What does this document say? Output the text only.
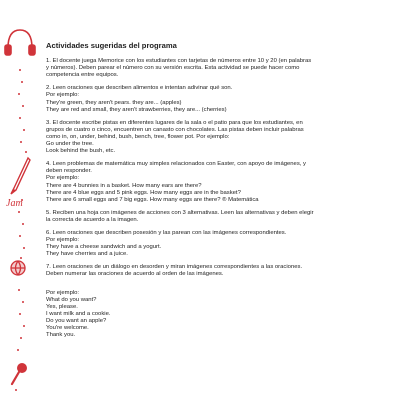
Jam
Actividades sugeridas del programa
1. El docente juega Memorice con los estudiantes con tarjetas de números entre 10 y 20 (en palabras
y números). Deben parear el número con su versión escrita. Esta actividad se puede hacer como
competencia entre equipos.
2. Leen oraciones que describen alimentos e intentan adivinar qué son.
Por ejemplo:
They're green, they aren't pears. they are... (apples)
They are red and small, they aren't strawberries, they are... (cherries)
3. El docente escribe pistas en diferentes lugares de la sala o el patio para que los estudiantes, en
grupos de cuatro o cinco, encuentren un canasto con chocolates. Las pistas deben incluir palabras
como in, on, under, behind, bush, bench, tree, flower pot. Por ejemplo:
Go under the tree.
Look behind the bush, etc.
4. Leen problemas de matemática muy simples relacionados con Easter, con apoyo de imágenes, y
deben responder.
Por ejemplo:
There are 4 bunnies in a basket. How many ears are there?
There are 4 blue eggs and 5 pink eggs. How many eggs are in the basket?
There are 6 small eggs and 7 big eggs. How many eggs are there? ® Matemática
5. Reciben una hoja con imágenes de acciones con 3 alternativas. Leen las alternativas y deben elegir
la correcta de acuerdo a la imagen.
6. Leen oraciones que describen posesión y las parean con las imágenes correspondientes.
Por ejemplo:
They have a cheese sandwich and a yogurt.
They have cherries and a juice.
7. Leen oraciones de un diálogo en desorden y miran imágenes correspondientes a las oraciones.
Deben numerar las oraciones de acuerdo al orden de las imágenes.
Por ejemplo:
What do you want?
Yes, please.
I want milk and a cookie.
Do you want an apple?
You're welcome.
Thank you.
